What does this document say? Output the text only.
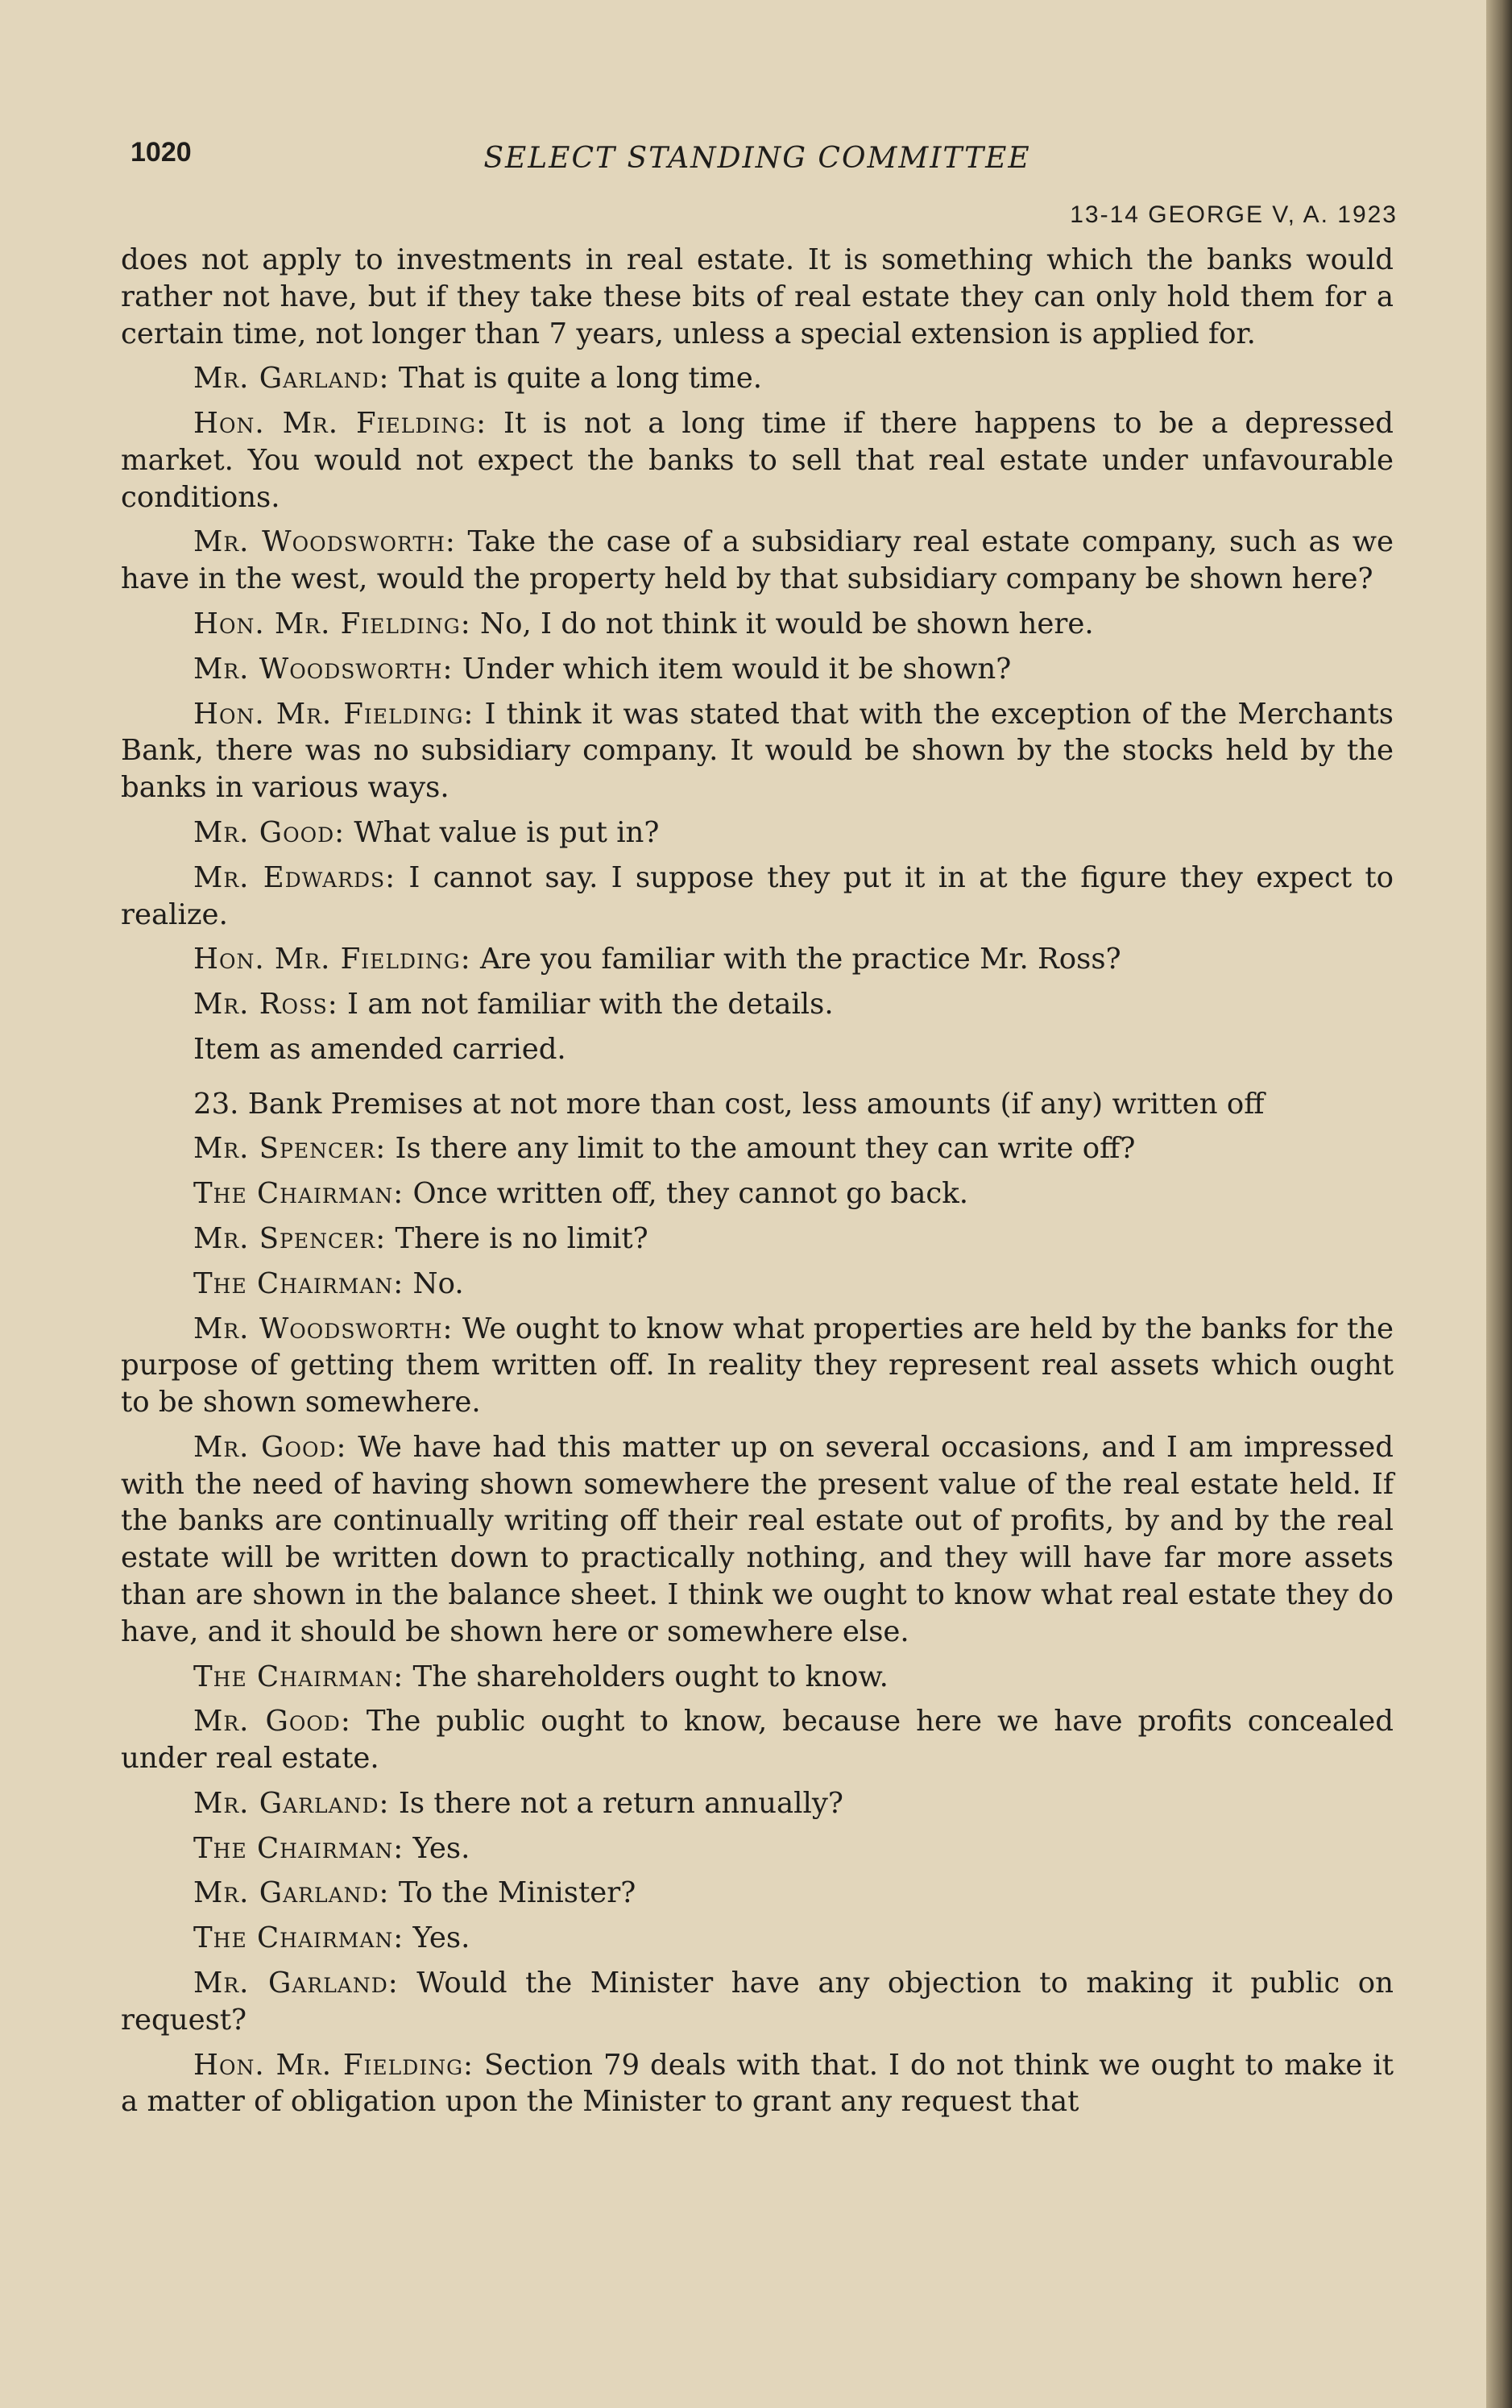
1020	SELECT STANDING COMMITTEE
13-14 GEORGE V, A. 1923

does not apply to investments in real estate. It is something which the banks would rather not have, but if they take these bits of real estate they can only hold them for a certain time, not longer than 7 years, unless a special extension is applied for.

Mr. Garland: That is quite a long time.

Hon. Mr. Fielding: It is not a long time if there happens to be a depressed market. You would not expect the banks to sell that real estate under unfavourable conditions.

Mr. Woodsworth: Take the case of a subsidiary real estate company, such as we have in the west, would the property held by that subsidiary company be shown here?

Hon. Mr. Fielding: No, I do not think it would be shown here.

Mr. Woodsworth: Under which item would it be shown?

Hon. Mr. Fielding: I think it was stated that with the exception of the Merchants Bank, there was no subsidiary company. It would be shown by the stocks held by the banks in various ways.

Mr. Good: What value is put in?

Mr. Edwards: I cannot say. I suppose they put it in at the figure they expect to realize.

Hon. Mr. Fielding: Are you familiar with the practice Mr. Ross?

Mr. Ross: I am not familiar with the details.

Item as amended carried.

23. Bank Premises at not more than cost, less amounts (if any) written off

Mr. Spencer: Is there any limit to the amount they can write off?

The Chairman: Once written off, they cannot go back.

Mr. Spencer: There is no limit?

The Chairman: No.

Mr. Woodsworth: We ought to know what properties are held by the banks for the purpose of getting them written off. In reality they represent real assets which ought to be shown somewhere.

Mr. Good: We have had this matter up on several occasions, and I am impressed with the need of having shown somewhere the present value of the real estate held. If the banks are continually writing off their real estate out of profits, by and by the real estate will be written down to practically nothing, and they will have far more assets than are shown in the balance sheet. I think we ought to know what real estate they do have, and it should be shown here or somewhere else.

The Chairman: The shareholders ought to know.

Mr. Good: The public ought to know, because here we have profits concealed under real estate.

Mr. Garland: Is there not a return annually?

The Chairman: Yes.

Mr. Garland: To the Minister?

The Chairman: Yes.

Mr. Garland: Would the Minister have any objection to making it public on request?

Hon. Mr. Fielding: Section 79 deals with that. I do not think we ought to make it a matter of obligation upon the Minister to grant any request that
